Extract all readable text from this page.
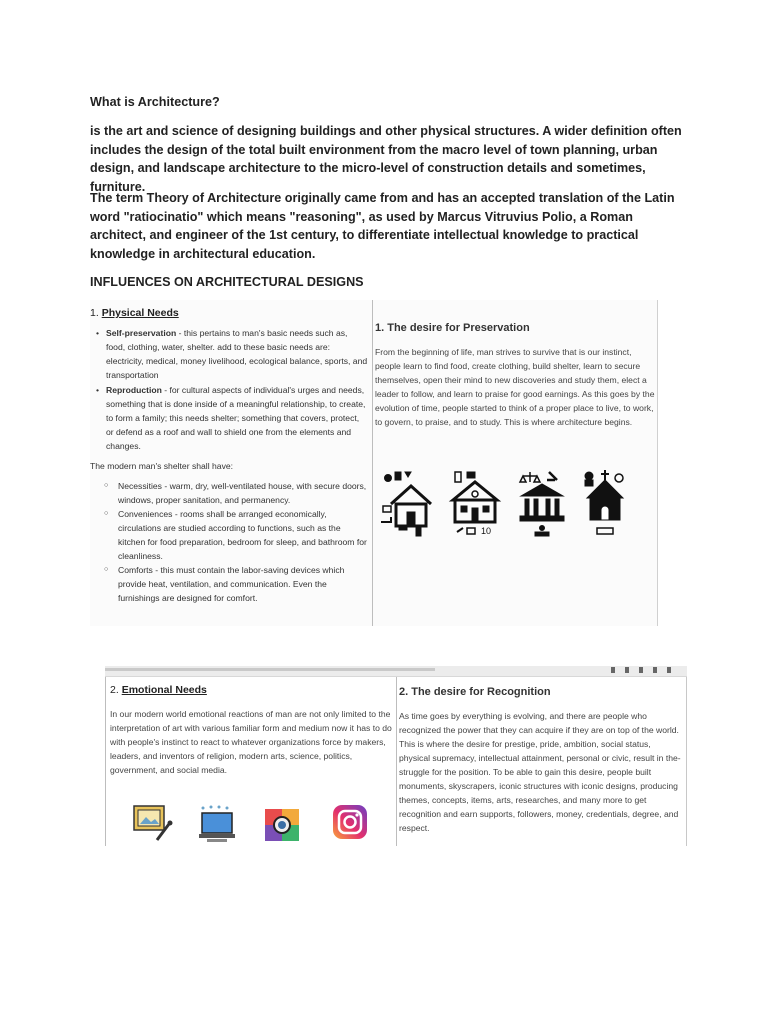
What is Architecture?

is the art and science of designing buildings and other physical structures. A wider definition often includes the design of the total built environment from the macro level of town planning, urban design, and landscape architecture to the micro-level of construction details and sometimes, furniture.

The term Theory of Architecture originally came from and has an accepted translation of the Latin word "ratiocinatio" which means "reasoning", as used by Marcus Vitruvius Polio, a Roman architect, and engineer of the 1st century, to differentiate intellectual knowledge to practical knowledge in architectural education.

INFLUENCES ON ARCHITECTURAL DESIGNS

1. Physical Needs
• Self-preservation - this pertains to man's basic needs such as, food, clothing, water, shelter. add to these basic needs are: electricity, medical, money livelihood, ecological balance, sports, and transportation
• Reproduction - for cultural aspects of individual's urges and needs, something that is done inside of a meaningful relationship, to create, to form a family; this needs shelter; something that covers, protect, or defend as a roof and wall to shield one from the elements and changes.
The modern man's shelter shall have:
○ Necessities - warm, dry, well-ventilated house, with secure doors, windows, proper sanitation, and permanency.
○ Conveniences - rooms shall be arranged economically, circulations are studied according to functions, such as the kitchen for food preparation, bedroom for sleep, and bathroom for cleanliness.
○ Comforts - this must contain the labor-saving devices which provide heat, ventilation, and communication. Even the furnishings are designed for comfort.
1. The desire for Preservation
From the beginning of life, man strives to survive that is our instinct, people learn to find food, create clothing, build shelter, learn to secure themselves, open their mind to new discoveries and study them, elect a leader to follow, and learn to praise for good earnings. As this goes by the evolution of time, people started to think of a proper place to live, to work, to govern, to praise, and to study. This is where architecture begins.
10
2. Emotional Needs
In our modern world emotional reactions of man are not only limited to the interpretation of art with various familiar form and medium now it has to do with people's instinct to react to whatever organizations force by makers, leaders, and inventors of religion, modern arts, science, politics, government, and social media.
2. The desire for Recognition
As time goes by everything is evolving, and there are people who recognized the power that they can acquire if they are on top of the world. This is where the desire for prestige, pride, ambition, social status, physical supremacy, intellectual attainment, personal or civic, result in the-struggle for the position. To be able to gain this desire, people built monuments, skyscrapers, iconic structures with iconic designs, producing themes, concepts, items, arts, researches, and many more to get recognition and earn supports, followers, money, credentials, degree, and respect.
